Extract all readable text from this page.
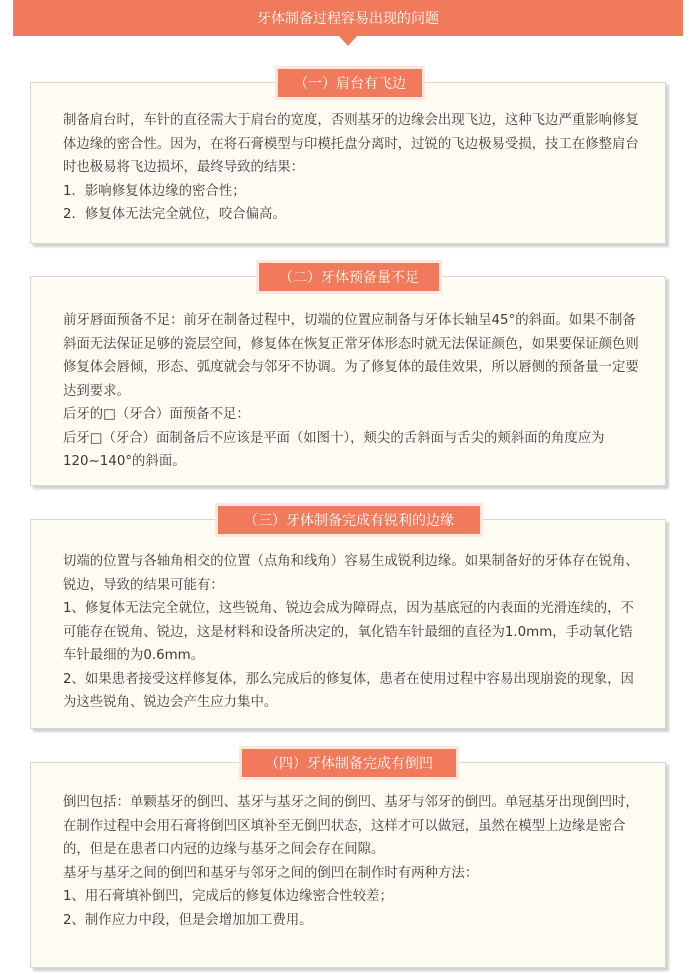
牙体制备过程容易出现的问题
（一）肩台有飞边

制备肩台时，车针的直径需大于肩台的宽度，否则基牙的边缘会出现飞边，这种飞边严重影响修复体边缘的密合性。因为，在将石膏模型与印模托盘分离时，过锐的飞边极易受损，技工在修整肩台时也极易将飞边损坏，最终导致的结果：

1．影响修复体边缘的密合性；

2．修复体无法完全就位，咬合偏高。

（二）牙体预备量不足

前牙唇面预备不足：前牙在制备过程中，切端的位置应制备与牙体长轴呈45°的斜面。如果不制备斜面无法保证足够的瓷层空间，修复体在恢复正常牙体形态时就无法保证颜色，如果要保证颜色则修复体会唇倾，形态、弧度就会与邻牙不协调。为了修复体的最佳效果，所以唇侧的预备量一定要达到要求。

后牙的□（牙合）面预备不足：

后牙□（牙合）面制备后不应该是平面（如图十），颊尖的舌斜面与舌尖的颊斜面的角度应为120~140°的斜面。

（三）牙体制备完成有锐利的边缘

切端的位置与各轴角相交的位置（点角和线角）容易生成锐利边缘。如果制备好的牙体存在锐角、锐边，导致的结果可能有：

1、修复体无法完全就位，这些锐角、锐边会成为障碍点，因为基底冠的内表面的光滑连续的，不可能存在锐角、锐边，这是材料和设备所决定的，氧化锆车针最细的直径为1.0mm，手动氧化锆车针最细的为0.6mm。

2、如果患者接受这样修复体，那么完成后的修复体，患者在使用过程中容易出现崩瓷的现象，因为这些锐角、锐边会产生应力集中。

（四）牙体制备完成有倒凹

倒凹包括：单颗基牙的倒凹、基牙与基牙之间的倒凹、基牙与邻牙的倒凹。单冠基牙出现倒凹时，在制作过程中会用石膏将倒凹区填补至无倒凹状态，这样才可以做冠，虽然在模型上边缘是密合的，但是在患者口内冠的边缘与基牙之间会存在间隙。

基牙与基牙之间的倒凹和基牙与邻牙之间的倒凹在制作时有两种方法：

1、用石膏填补倒凹，完成后的修复体边缘密合性较差；

2、制作应力中段，但是会增加加工费用。
